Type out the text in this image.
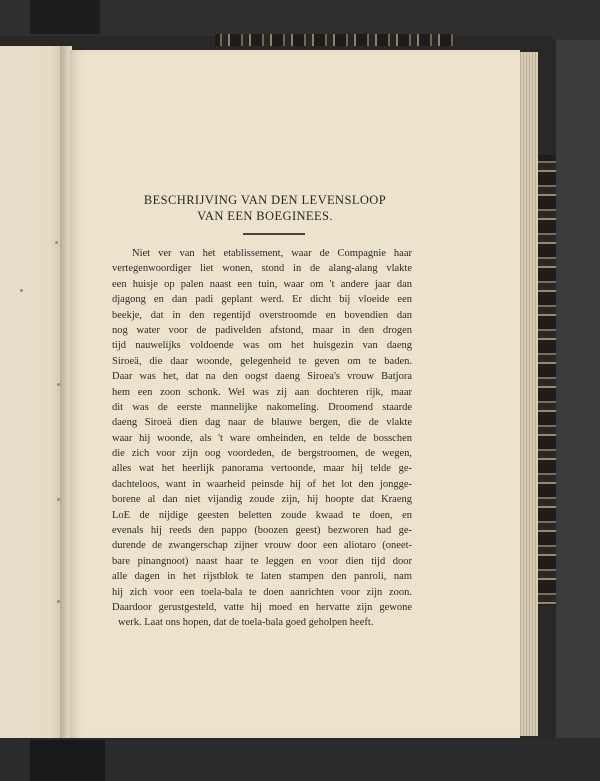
BESCHRIJVING VAN DEN LEVENSLOOP
VAN EEN BOEGINEES.
Niet ver van het etablissement, waar de Compagnie haar
vertegenwoordiger liet wonen, stond in de alang-alang vlakte
een huisje op palen naast een tuin, waar om 't andere jaar dan
djagong en dan padi geplant werd. Er dicht bij vloeide een
beekje, dat in den regentijd overstroomde en bovendien dan
nog water voor de padivelden afstond, maar in den drogen
tijd nauwelijks voldoende was om het huisgezin van daeng
Siroeä, die daar woonde, gelegenheid te geven om te baden.
Daar was het, dat na den oogst daeng Siroea's vrouw Batjora
hem een zoon schonk. Wel was zij aan dochteren rijk, maar
dit was de eerste mannelijke nakomeling. Droomend staarde
daeng Siroeä dien dag naar de blauwe bergen, die de vlakte
waar hij woonde, als 't ware omheinden, en telde de bosschen
die zich voor zijn oog voordeden, de bergstroomen, de wegen,
alles wat het heerlijk panorama vertoonde, maar hij telde ge-
dachteloos, want in waarheid peinsde hij of het lot den jongge-
borene al dan niet vijandig zoude zijn, hij hoopte dat Kraeng
LoE de nijdige geesten beletten zoude kwaad te doen, en
evenals hij reeds den pappo (boozen geest) bezworen had ge-
durende de zwangerschap zijner vrouw door een aliotaro (oneet-
bare pinangnoot) naast haar te leggen en voor dien tijd door
alle dagen in het rijstblok te laten stampen den panroli, nam
hij zich voor een toela-bala te doen aanrichten voor zijn zoon.
Daardoor gerustgesteld, vatte hij moed en hervatte zijn gewone
werk. Laat ons hopen, dat de toela-bala goed geholpen heeft.
